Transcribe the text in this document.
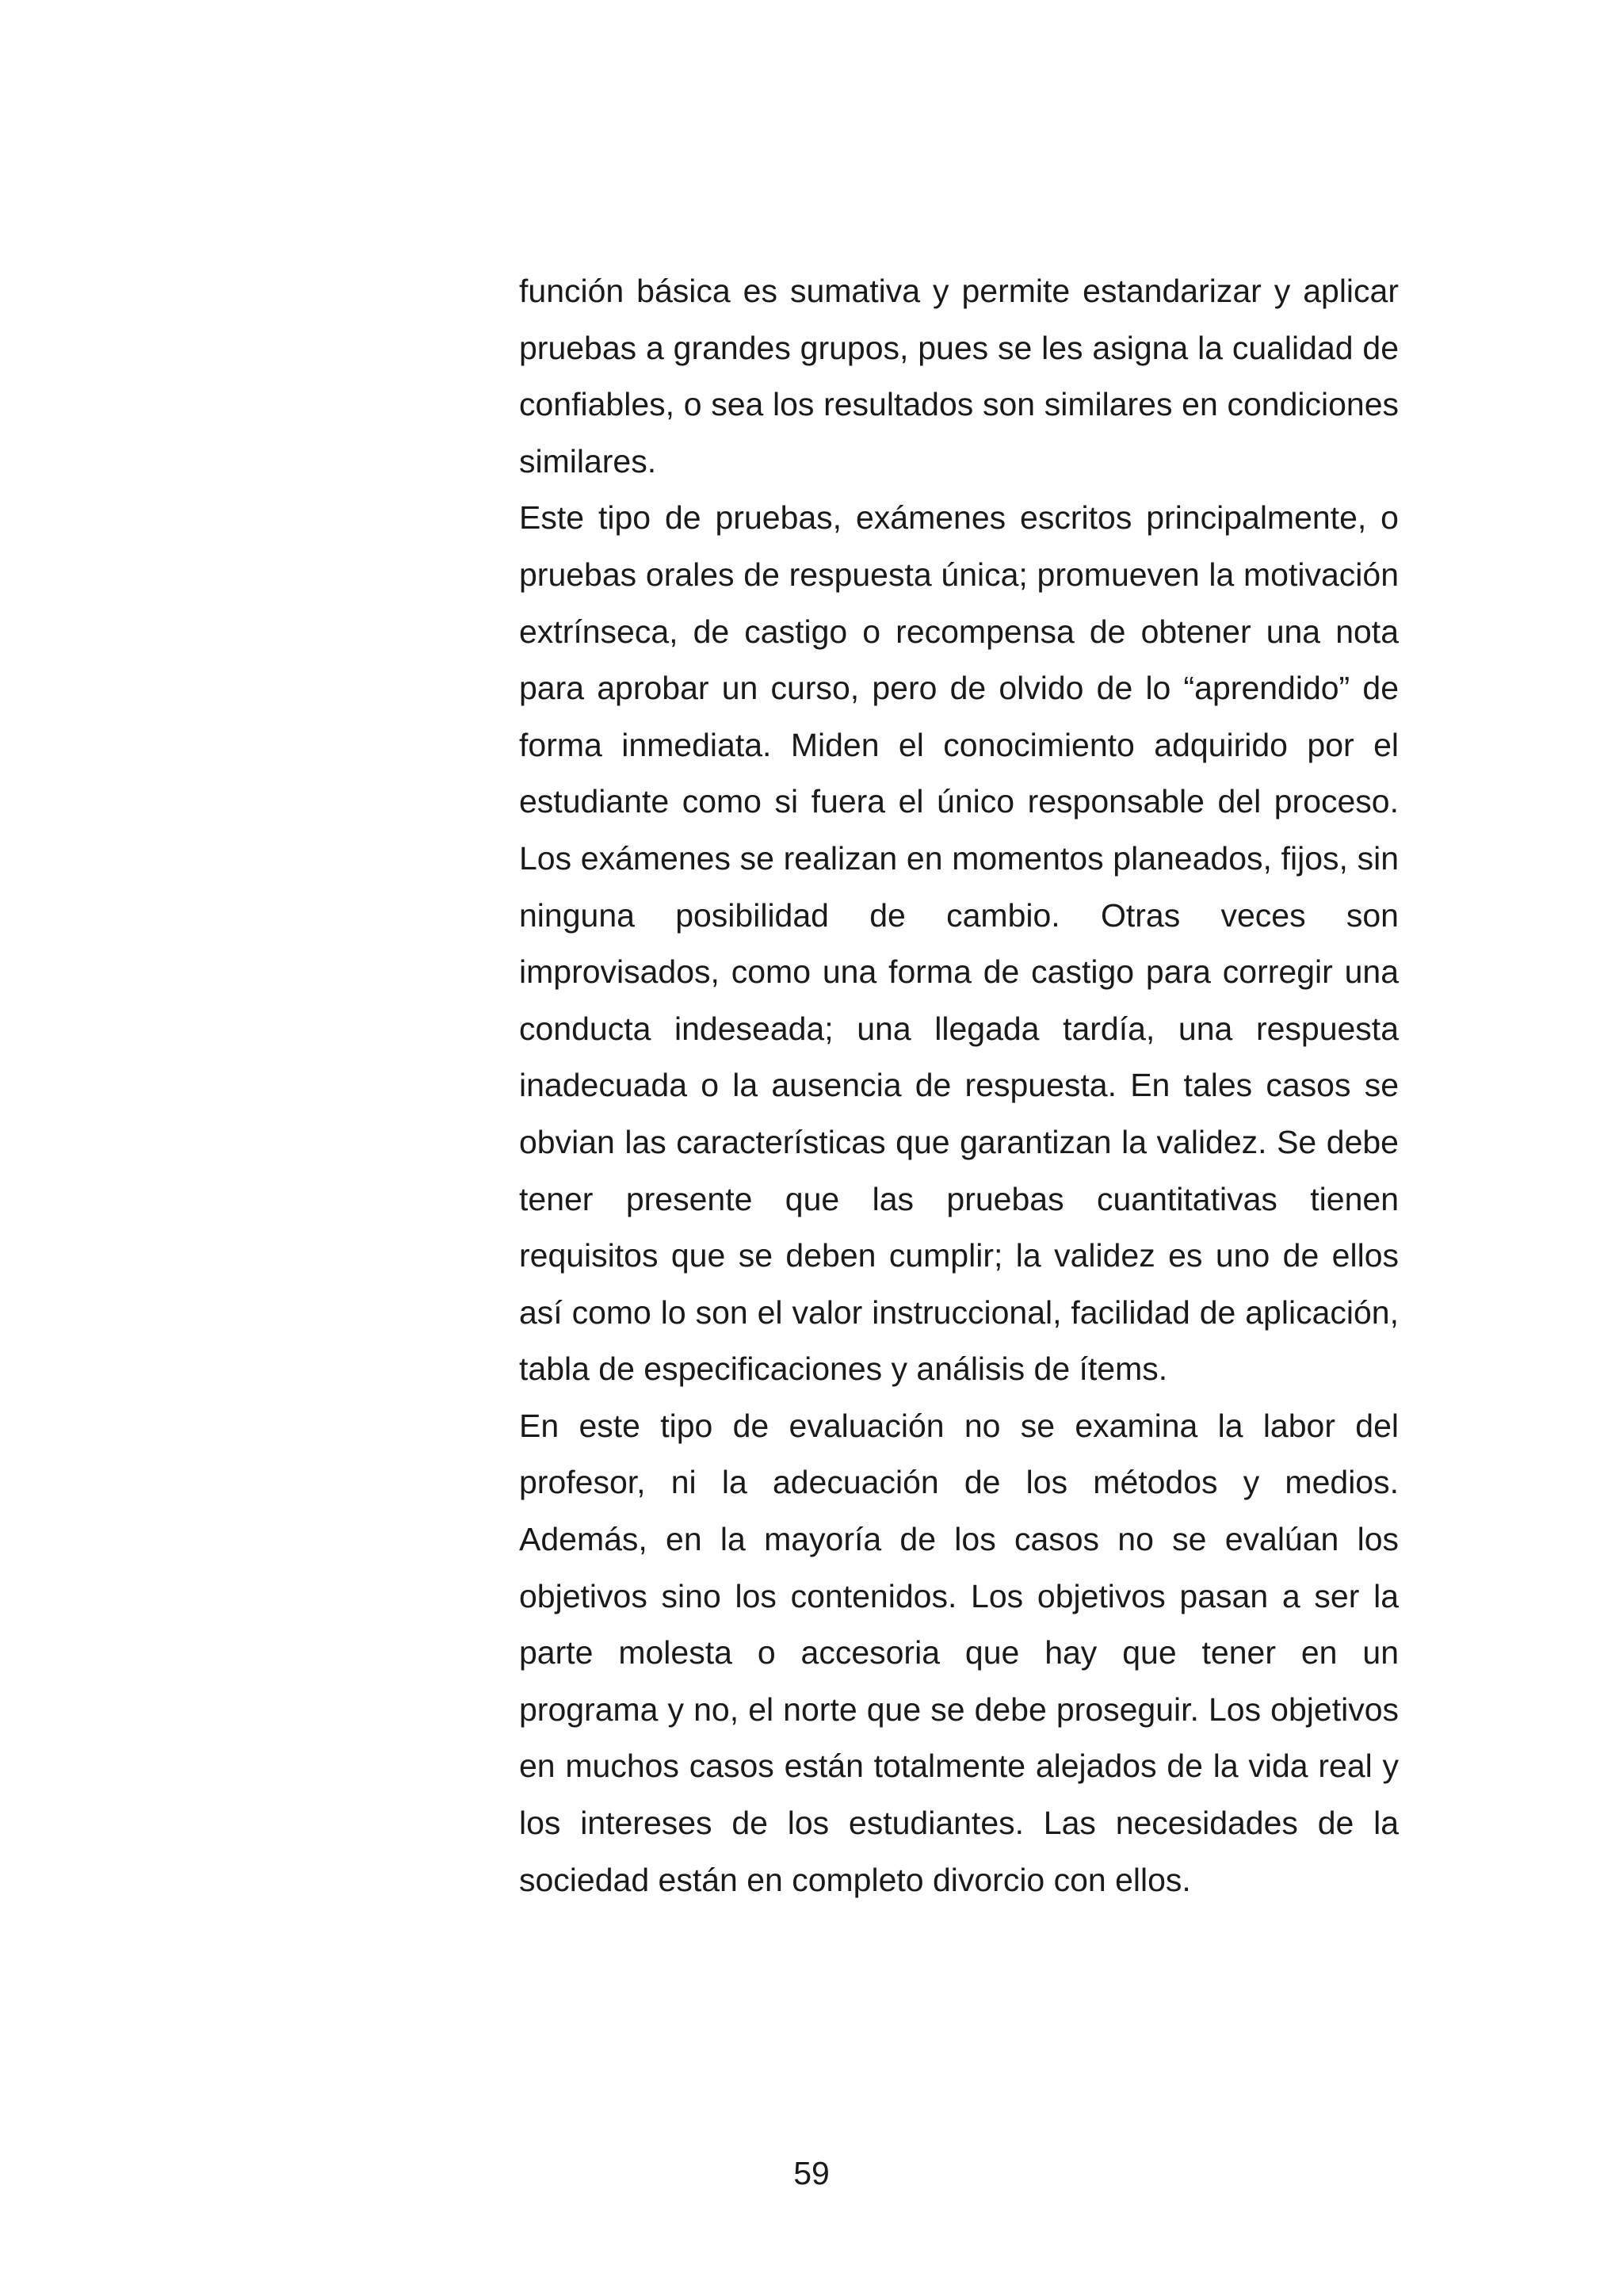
función básica es sumativa y permite estandarizar y aplicar pruebas a grandes grupos, pues se les asigna la cualidad de confiables, o sea los resultados son similares en condiciones similares.

Este tipo de pruebas, exámenes escritos principalmente, o pruebas orales de respuesta única; promueven la motivación extrínseca, de castigo o recompensa de obtener una nota para aprobar un curso, pero de olvido de lo “aprendido” de forma inmediata. Miden el conocimiento adquirido por el estudiante como si fuera el único responsable del proceso. Los exámenes se realizan en momentos planeados, fijos, sin ninguna posibilidad de cambio. Otras veces son improvisados, como una forma de castigo para corregir una conducta indeseada; una llegada tardía, una respuesta inadecuada o la ausencia de respuesta. En tales casos se obvian las características que garantizan la validez. Se debe tener presente que las pruebas cuantitativas tienen requisitos que se deben cumplir; la validez es uno de ellos así como lo son el valor instruccional, facilidad de aplicación, tabla de especificaciones y análisis de ítems.

En este tipo de evaluación no se examina la labor del profesor, ni la adecuación de los métodos y medios. Además, en la mayoría de los casos no se evalúan los objetivos sino los contenidos. Los objetivos pasan a ser la parte molesta o accesoria que hay que tener en un programa y no, el norte que se debe proseguir. Los objetivos en muchos casos están totalmente alejados de la vida real y los intereses de los estudiantes. Las necesidades de la sociedad están en completo divorcio con ellos.

59
